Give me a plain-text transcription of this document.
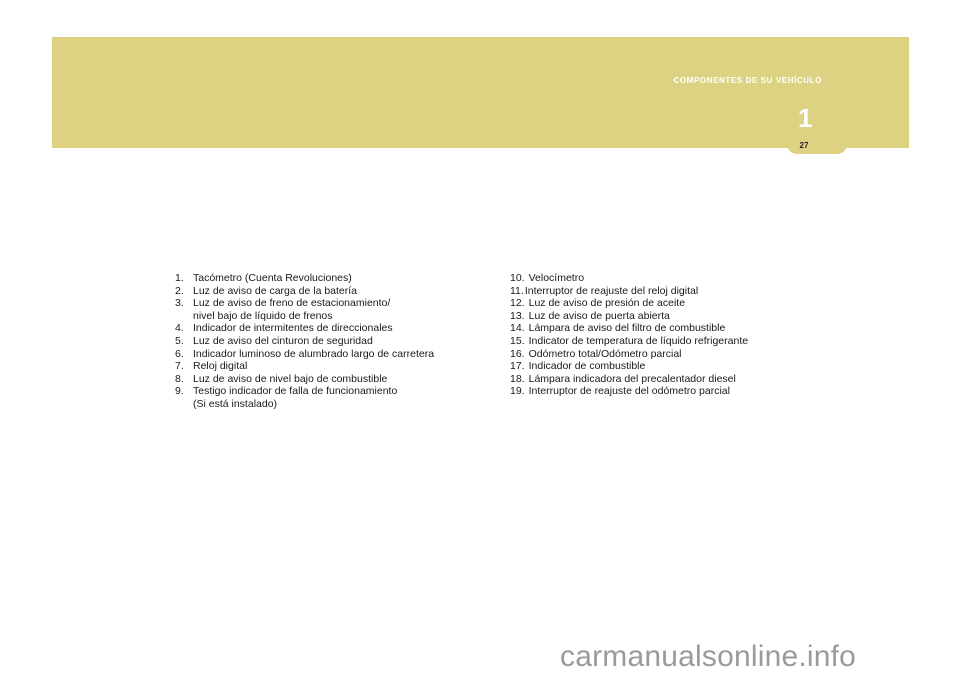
COMPONENTES DE SU VEHÍCULO
1
27
1. Tacómetro (Cuenta Revoluciones)
2. Luz de aviso de carga de la batería
3. Luz de aviso de freno de estacionamiento/
nivel bajo de líquido de frenos
4. Indicador de intermitentes de direccionales
5. Luz de aviso del cinturon de seguridad
6. Indicador luminoso de alumbrado largo de carretera
7. Reloj digital
8. Luz de aviso de nivel bajo de combustible
9. Testigo indicador de falla de funcionamiento
(Si está instalado)
10. Velocímetro
11. Interruptor de reajuste del reloj digital
12. Luz de aviso de presión de aceite
13. Luz de aviso de puerta abierta
14. Lámpara de aviso del filtro de combustible
15. Indicator de temperatura de líquido refrigerante
16. Odómetro total/Odómetro parcial
17. Indicador de combustible
18. Lámpara indicadora del precalentador diesel
19. Interruptor de reajuste del odómetro parcial
carmanualsonline.info
